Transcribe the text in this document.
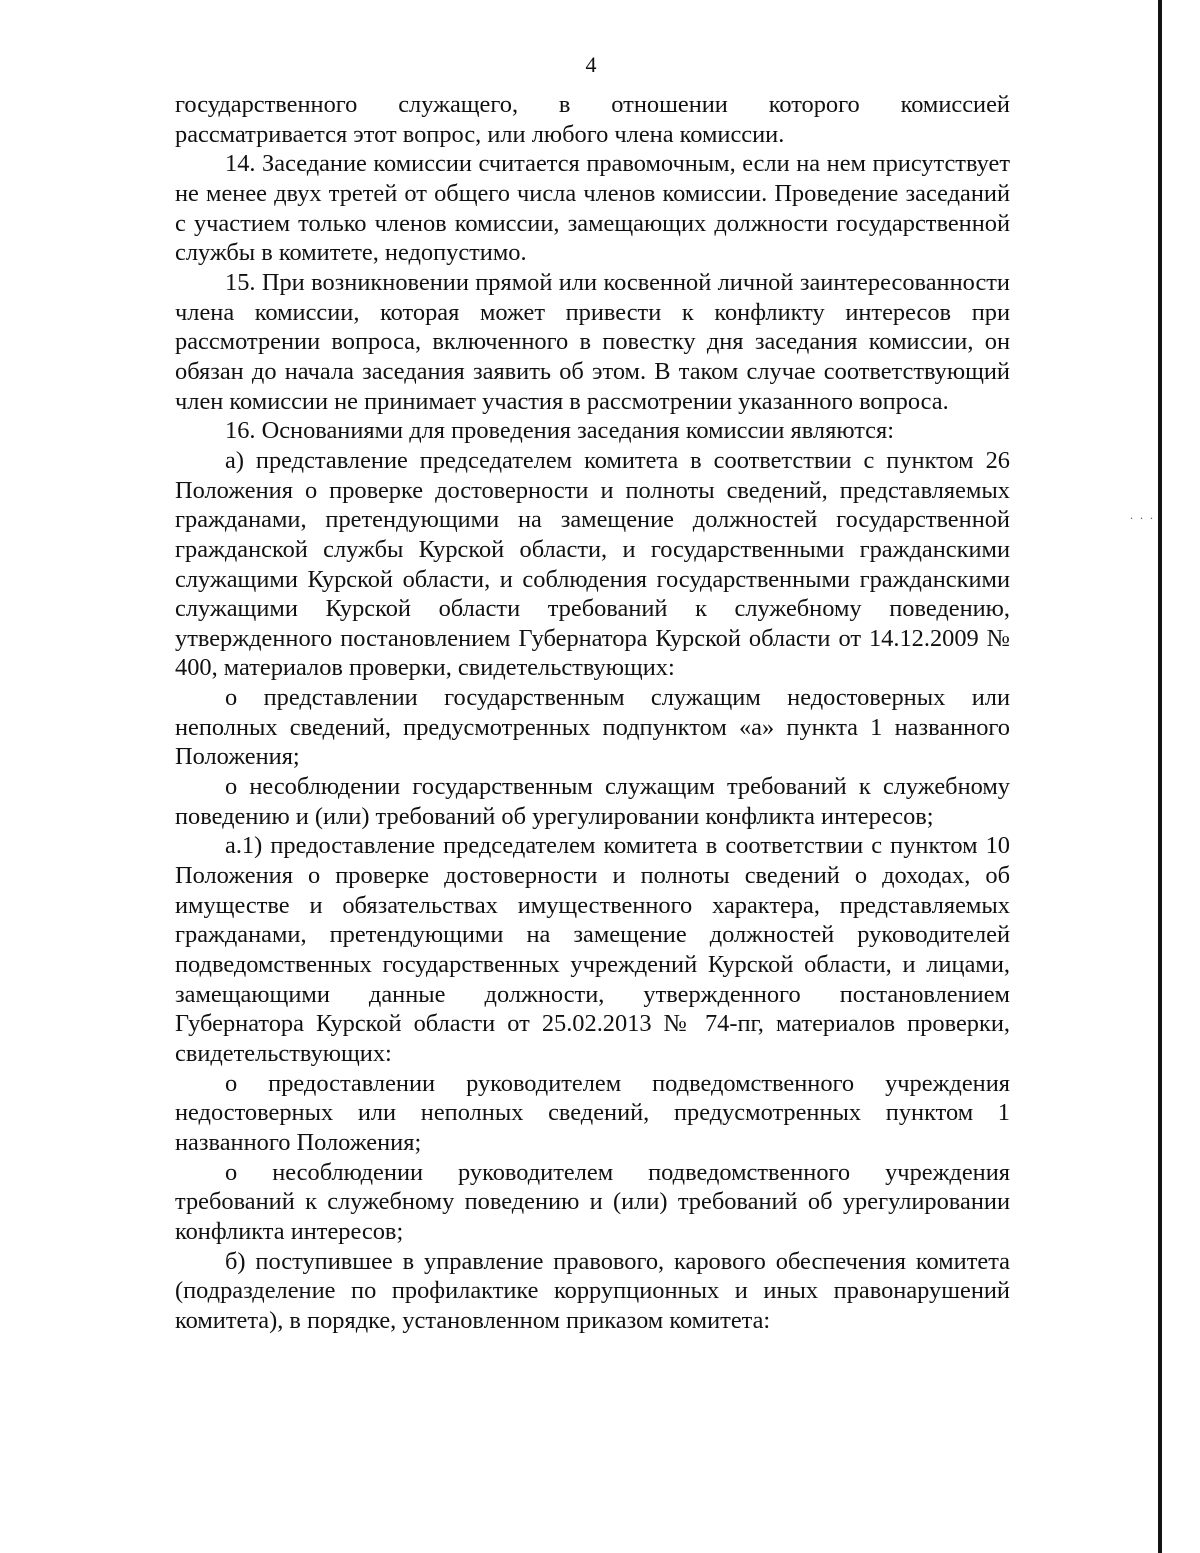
4

государственного служащего, в отношении которого комиссией рассматривается этот вопрос, или любого члена комиссии.

14. Заседание комиссии считается правомочным, если на нем присутствует не менее двух третей от общего числа членов комиссии. Проведение заседаний с участием только членов комиссии, замещающих должности государственной службы в комитете, недопустимо.

15. При возникновении прямой или косвенной личной заинтересованности члена комиссии, которая может привести к конфликту интересов при рассмотрении вопроса, включенного в повестку дня заседания комиссии, он обязан до начала заседания заявить об этом. В таком случае соответствующий член комиссии не принимает участия в рассмотрении указанного вопроса.

16. Основаниями для проведения заседания комиссии являются:

а) представление председателем комитета в соответствии с пунктом 26 Положения о проверке достоверности и полноты сведений, представляемых гражданами, претендующими на замещение должностей государственной гражданской службы Курской области, и государственными гражданскими служащими Курской области, и соблюдения государственными гражданскими служащими Курской области требований к служебному поведению, утвержденного постановлением Губернатора Курской области от 14.12.2009 № 400, материалов проверки, свидетельствующих:

о представлении государственным служащим недостоверных или неполных сведений, предусмотренных подпунктом «а» пункта 1 названного Положения;

о несоблюдении государственным служащим требований к служебному поведению и (или) требований об урегулировании конфликта интересов;

а.1) предоставление председателем комитета в соответствии с пунктом 10 Положения о проверке достоверности и полноты сведений о доходах, об имуществе и обязательствах имущественного характера, представляемых гражданами, претендующими на замещение должностей руководителей подведомственных государственных учреждений Курской области, и лицами, замещающими данные должности, утвержденного постановлением Губернатора Курской области от 25.02.2013 № 74-пг, материалов проверки, свидетельствующих:

о предоставлении руководителем подведомственного учреждения недостоверных или неполных сведений, предусмотренных пунктом 1 названного Положения;

о несоблюдении руководителем подведомственного учреждения требований к служебному поведению и (или) требований об урегулировании конфликта интересов;

б) поступившее в управление правового, карового обеспечения комитета (подразделение по профилактике коррупционных и иных правонарушений комитета), в порядке, установленном приказом комитета:

. . .
